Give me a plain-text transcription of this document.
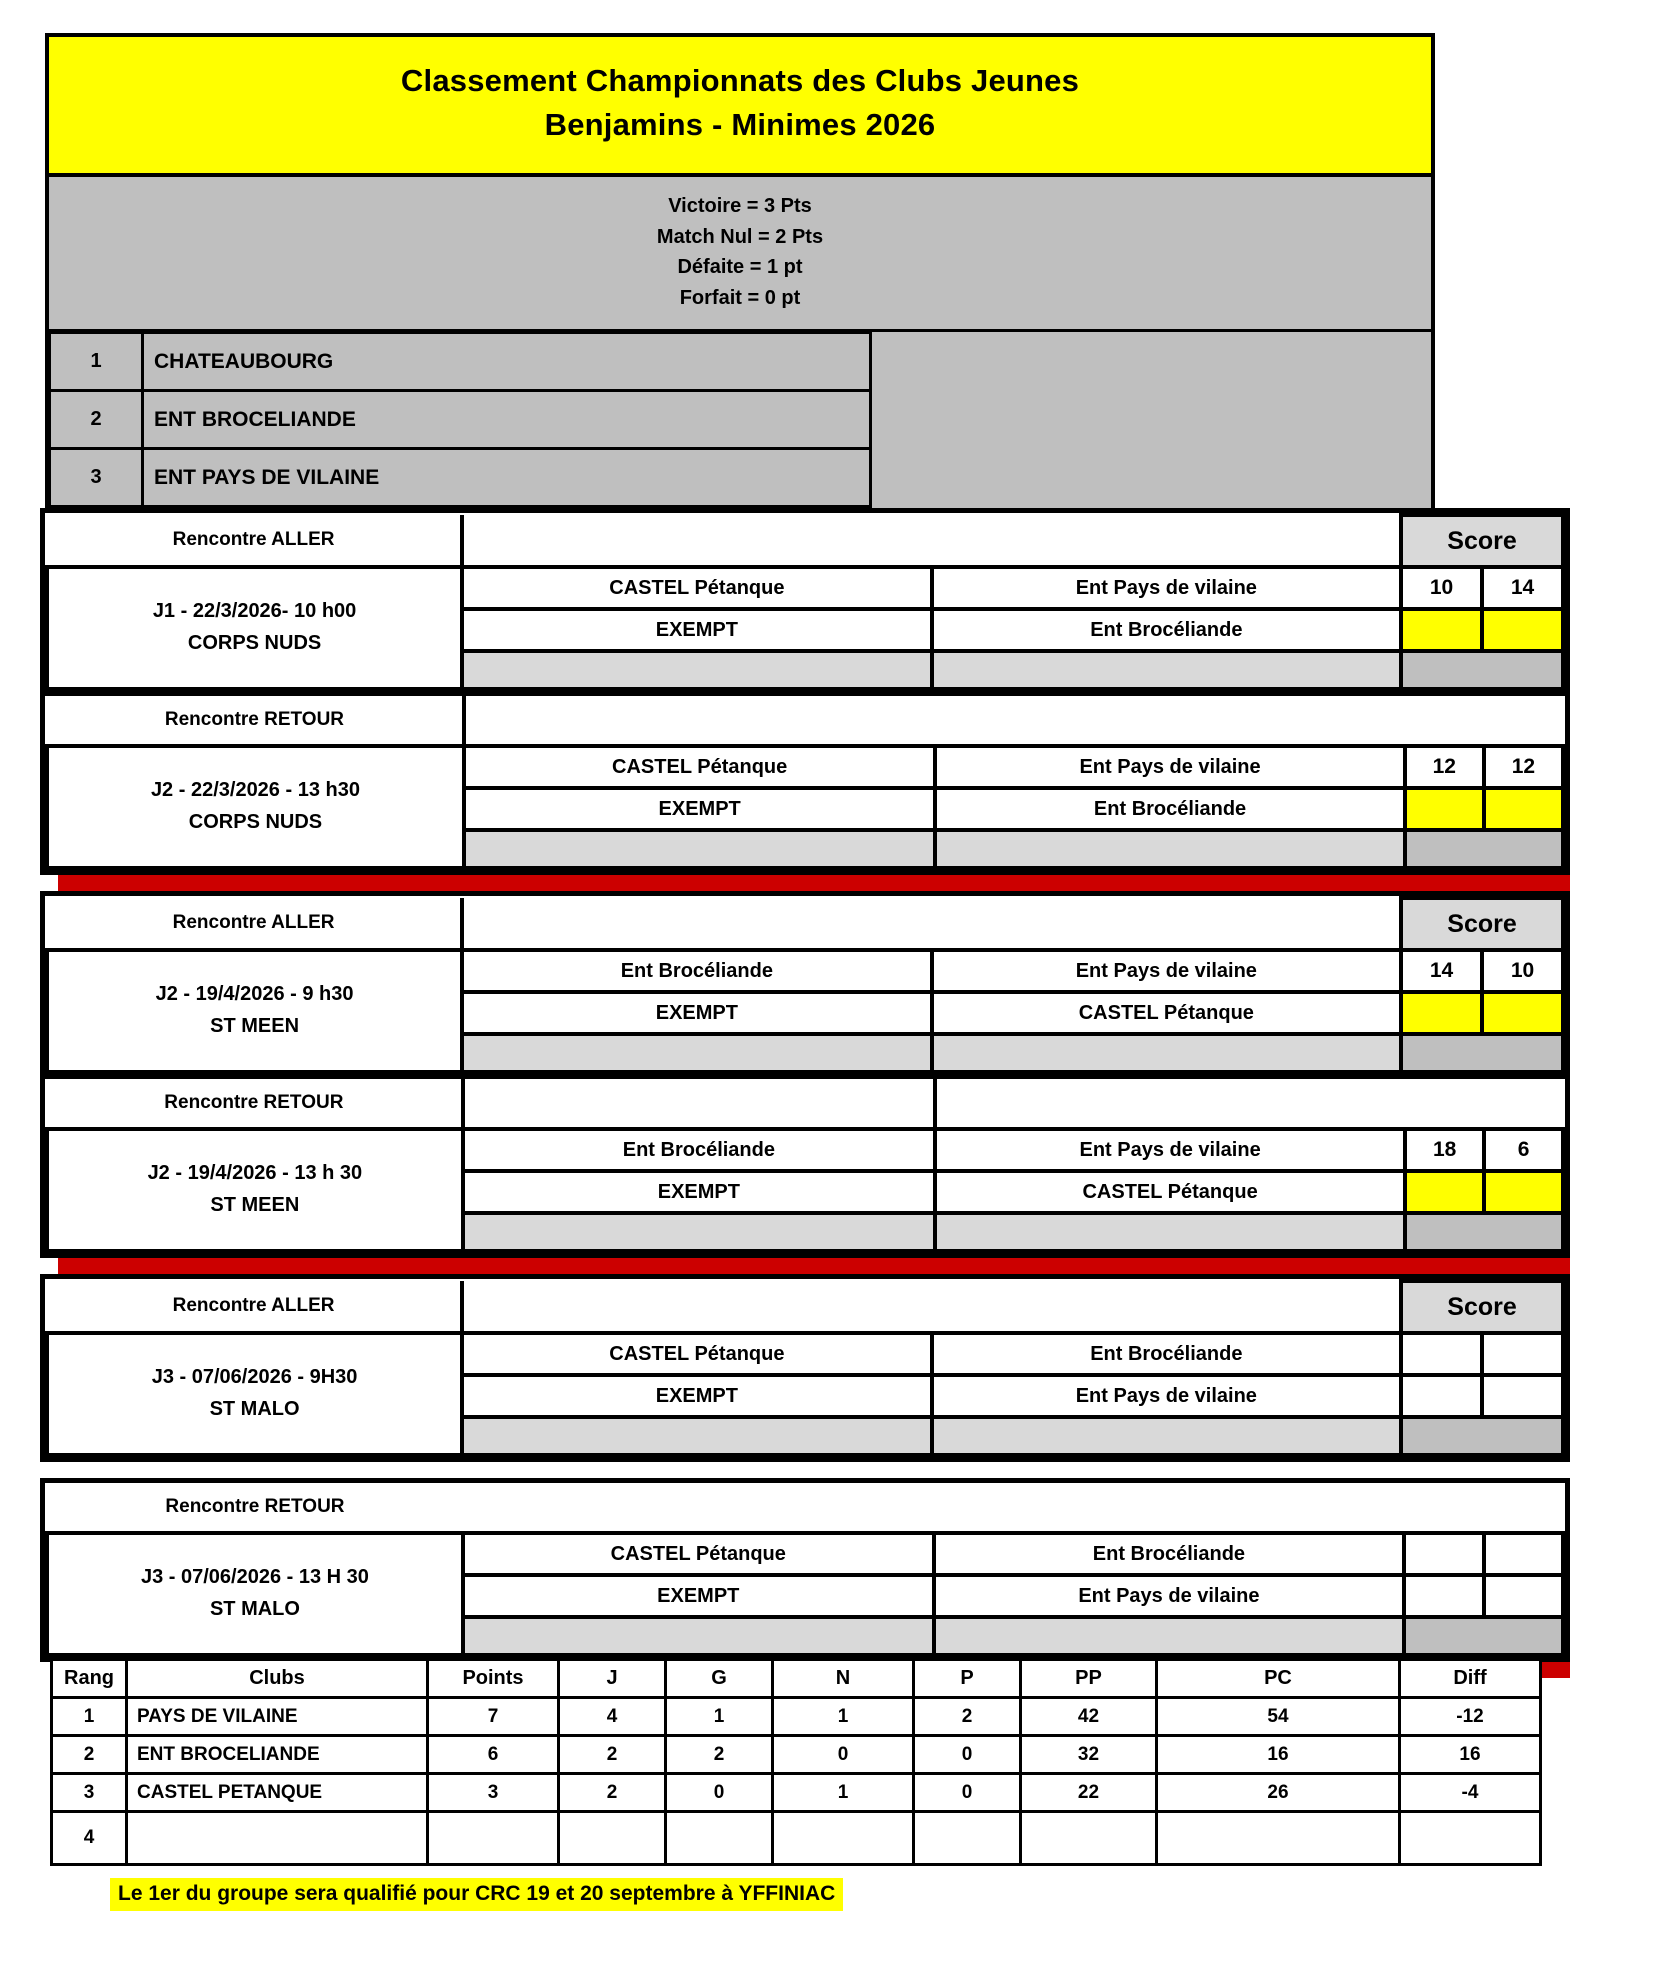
Classement Championnats des Clubs Jeunes
Benjamins - Minimes 2026
Victoire = 3 Pts
Match Nul = 2 Pts
Défaite = 1 pt
Forfait = 0 pt
1	CHATEAUBOURG
2	ENT BROCELIANDE
3	ENT PAYS DE VILAINE

Rencontre ALLER			Score	
J1 - 22/3/2026- 10 h00
CORPS NUDS	CASTEL Pétanque	Ent Pays de vilaine	10	14
	EXEMPT	Ent Brocéliande		

Rencontre RETOUR				
J2 - 22/3/2026 - 13 h30
CORPS NUDS	CASTEL Pétanque	Ent Pays de vilaine	12	12
	EXEMPT	Ent Brocéliande		

Rencontre ALLER			Score	
J2 - 19/4/2026 - 9 h30
ST MEEN	Ent Brocéliande	Ent Pays de vilaine	14	10
	EXEMPT	CASTEL Pétanque		

Rencontre RETOUR				
J2 - 19/4/2026 - 13 h 30
ST MEEN	Ent Brocéliande	Ent Pays de vilaine	18	6
	EXEMPT	CASTEL Pétanque		

Rencontre ALLER			Score	
J3 - 07/06/2026 - 9H30
ST MALO	CASTEL Pétanque	Ent Brocéliande		
	EXEMPT	Ent Pays de vilaine		

Rencontre RETOUR				
J3 - 07/06/2026 - 13 H 30
ST MALO	CASTEL Pétanque	Ent Brocéliande		
	EXEMPT	Ent Pays de vilaine		

Rang	Clubs	Points	J	G	N	P	PP	PC	Diff
1	PAYS DE VILAINE	7	4	1	1	2	42	54	-12
2	ENT BROCELIANDE	6	2	2	0	0	32	16	16
3	CASTEL PETANQUE	3	2	0	1	0	22	26	-4
4									
Le 1er du groupe sera qualifié pour CRC 19 et 20 septembre à YFFINIAC
